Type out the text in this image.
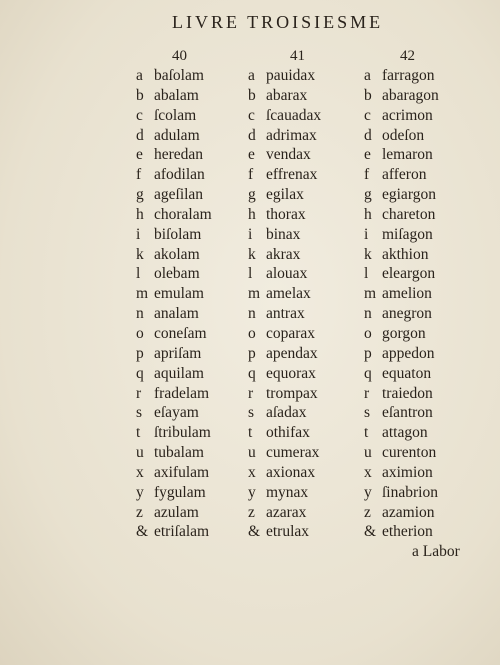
LIVRE TROISIESME
40	41	42
a baſolam
b abalam
c ſcolam
d adulam
e heredan
f afodilan
g ageſilan
h choralam
i biſolam
k akolam
l olebam
m emulam
n analam
o coneſam
p apriſam
q aquilam
r fradelam
s eſayam
t ſtribulam
u tubalam
x axifulam
y fygulam
z azulam
& etriſalam
a pauidax
b abarax
c ſcauadax
d adrimax
e vendax
f effrenax
g egilax
h thorax
i binax
k akrax
l alouax
m amelax
n antrax
o coparax
p apendax
q equorax
r trompax
s aſadax
t othifax
u cumerax
x axionax
y mynax
z azarax
& etrulax
a farragon
b abaragon
c acrimon
d odeſon
e lemaron
f afferon
g egiargon
h chareton
i miſagon
k akthion
l eleargon
m amelion
n anegron
o gorgon
p appedon
q equaton
r traiedon
s eſantron
t attagon
u curenton
x aximion
y ſinabrion
z azamion
& etherion
a Labor
